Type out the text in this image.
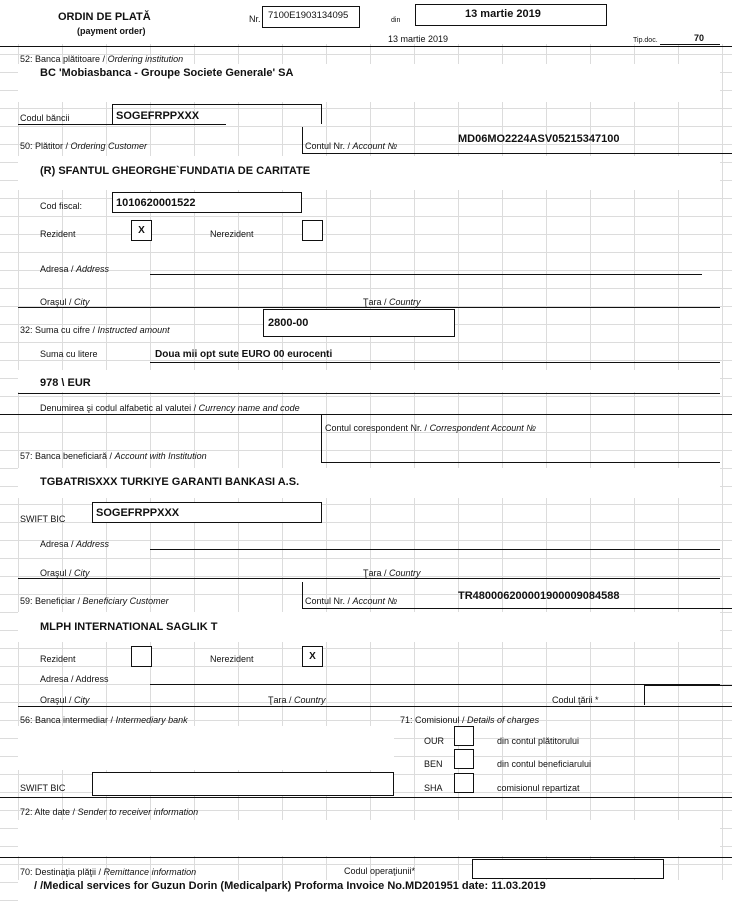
ORDIN DE PLATĂ
(payment order)
Nr. 7100E1903134095	din
13 martie 2019
13 martie 2019	Tip.doc.	70
52: Banca plătitoare / Ordering institution
BC 'Mobiasbanca - Groupe Societe Generale' SA
Codul băncii	SOGEFRPPXXX
50: Plătitor / Ordering Customer	Contul Nr. / Account №
MD06MO2224ASV05215347100
(R) SFANTUL GHEORGHE`FUNDATIA DE CARITATE
Cod fiscal:	1010620001522
Rezident	X	Nerezident
Adresa / Address
Oraşul / City	Ţara / Country
32: Suma cu cifre / Instructed amount
2800-00
Suma cu litere	Doua mii opt sute EURO 00 eurocenti
978 \ EUR
Denumirea şi codul alfabetic al valutei / Currency name and code
Contul corespondent Nr. / Correspondent Account №
57: Banca beneficiară / Account with Institution
TGBATRISXXX TURKIYE GARANTI BANKASI A.S.
SWIFT BIC	SOGEFRPPXXX
Adresa / Address
Oraşul / City	Ţara / Country
59: Beneficiar / Beneficiary Customer	Contul Nr. / Account №	TR480006200001900009084588
MLPH INTERNATIONAL SAGLIK T
Rezident	Nerezident	X
Adresa / Address
Oraşul / City	Ţara / Country	Codul ţării *
56: Banca intermediar / Intermediary bank
SWIFT BIC
71: Comisionul / Details of charges
OUR	din contul plătitorului
BEN	din contul beneficiarului
SHA	comisionul repartizat
72: Alte date / Sender to receiver information
70: Destinaţia plăţii / Remittance information	Codul operaţiunii*
/ /Medical services for Guzun Dorin (Medicalpark) Proforma Invoice No.MD201951 date: 11.03.2019
